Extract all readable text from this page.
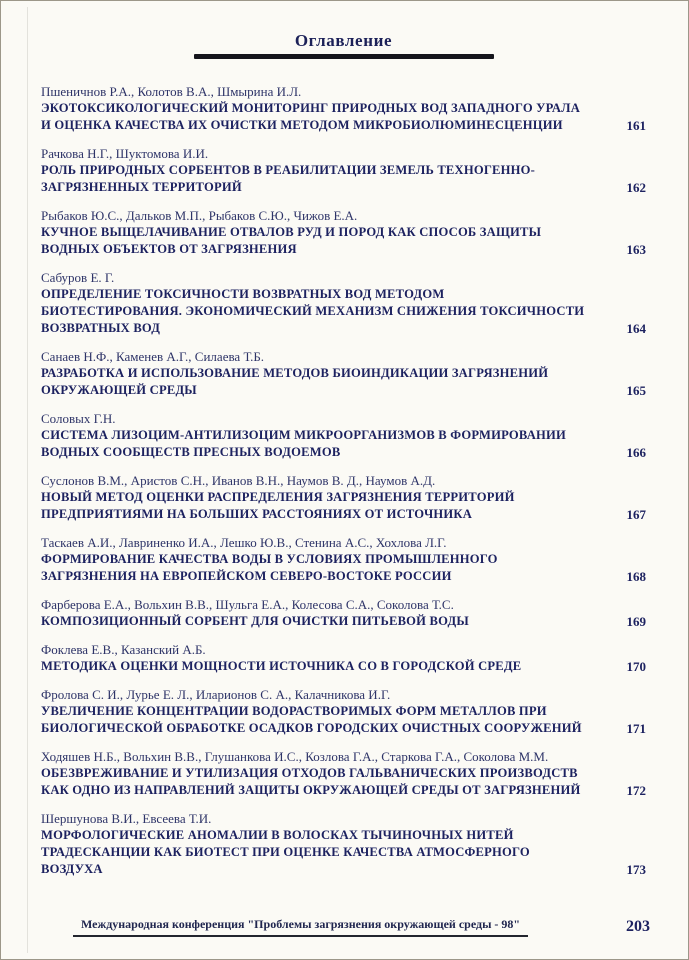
Оглавление
Пшеничнов Р.А., Колотов В.А., Шмырина И.Л.
ЭКОТОКСИКОЛОГИЧЕСКИЙ МОНИТОРИНГ ПРИРОДНЫХ ВОД ЗАПАДНОГО УРАЛА И ОЦЕНКА КАЧЕСТВА ИХ ОЧИСТКИ МЕТОДОМ МИКРОБИОЛЮМИНЕСЦЕНЦИИ	161
Рачкова Н.Г., Шуктомова И.И.
РОЛЬ ПРИРОДНЫХ СОРБЕНТОВ В РЕАБИЛИТАЦИИ ЗЕМЕЛЬ ТЕХНОГЕННО-ЗАГРЯЗНЕННЫХ ТЕРРИТОРИЙ	162
Рыбаков Ю.С., Дальков М.П., Рыбаков С.Ю., Чижов Е.А.
КУЧНОЕ ВЫЩЕЛАЧИВАНИЕ ОТВАЛОВ РУД И ПОРОД КАК СПОСОБ ЗАЩИТЫ ВОДНЫХ ОБЪЕКТОВ ОТ ЗАГРЯЗНЕНИЯ	163
Сабуров Е. Г.
ОПРЕДЕЛЕНИЕ ТОКСИЧНОСТИ ВОЗВРАТНЫХ ВОД МЕТОДОМ БИОТЕСТИРОВАНИЯ. ЭКОНОМИЧЕСКИЙ МЕХАНИЗМ СНИЖЕНИЯ ТОКСИЧНОСТИ ВОЗВРАТНЫХ ВОД	164
Санаев Н.Ф., Каменев А.Г., Силаева Т.Б.
РАЗРАБОТКА И ИСПОЛЬЗОВАНИЕ МЕТОДОВ БИОИНДИКАЦИИ ЗАГРЯЗНЕНИЙ ОКРУЖАЮЩЕЙ СРЕДЫ	165
Соловых Г.Н.
СИСТЕМА ЛИЗОЦИМ-АНТИЛИЗОЦИМ МИКРООРГАНИЗМОВ В ФОРМИРОВАНИИ ВОДНЫХ СООБЩЕСТВ ПРЕСНЫХ ВОДОЕМОВ	166
Суслонов В.М., Аристов С.Н., Иванов В.Н., Наумов В. Д., Наумов А.Д.
НОВЫЙ МЕТОД ОЦЕНКИ РАСПРЕДЕЛЕНИЯ ЗАГРЯЗНЕНИЯ ТЕРРИТОРИЙ ПРЕДПРИЯТИЯМИ НА БОЛЬШИХ РАССТОЯНИЯХ ОТ ИСТОЧНИКА	167
Таскаев А.И., Лавриненко И.А., Лешко Ю.В., Стенина А.С., Хохлова Л.Г.
ФОРМИРОВАНИЕ КАЧЕСТВА ВОДЫ В УСЛОВИЯХ ПРОМЫШЛЕННОГО ЗАГРЯЗНЕНИЯ НА ЕВРОПЕЙСКОМ СЕВЕРО-ВОСТОКЕ РОССИИ	168
Фарберова Е.А., Вольхин В.В., Шульга Е.А., Колесова С.А., Соколова Т.С.
КОМПОЗИЦИОННЫЙ СОРБЕНТ ДЛЯ ОЧИСТКИ ПИТЬЕВОЙ ВОДЫ	169
Фоклева Е.В., Казанский А.Б.
МЕТОДИКА ОЦЕНКИ МОЩНОСТИ ИСТОЧНИКА СО В ГОРОДСКОЙ СРЕДЕ	170
Фролова С. И., Лурье Е. Л., Иларионов С. А., Калачникова И.Г.
УВЕЛИЧЕНИЕ КОНЦЕНТРАЦИИ ВОДОРАСТВОРИМЫХ ФОРМ МЕТАЛЛОВ ПРИ БИОЛОГИЧЕСКОЙ ОБРАБОТКЕ ОСАДКОВ ГОРОДСКИХ ОЧИСТНЫХ СООРУЖЕНИЙ	171
Ходяшев Н.Б., Вольхин В.В., Глушанкова И.С., Козлова Г.А., Старкова Г.А., Соколова М.М.
ОБЕЗВРЕЖИВАНИЕ И УТИЛИЗАЦИЯ ОТХОДОВ ГАЛЬВАНИЧЕСКИХ ПРОИЗВОДСТВ КАК ОДНО ИЗ НАПРАВЛЕНИЙ ЗАЩИТЫ ОКРУЖАЮЩЕЙ СРЕДЫ ОТ ЗАГРЯЗНЕНИЙ	172
Шершунова В.И., Евсеева Т.И.
МОРФОЛОГИЧЕСКИЕ АНОМАЛИИ В ВОЛОСКАХ ТЫЧИНОЧНЫХ НИТЕЙ ТРАДЕСКАНЦИИ КАК БИОТЕСТ ПРИ ОЦЕНКЕ КАЧЕСТВА АТМОСФЕРНОГО ВОЗДУХА	173
Международная конференция "Проблемы загрязнения окружающей среды - 98"	203
